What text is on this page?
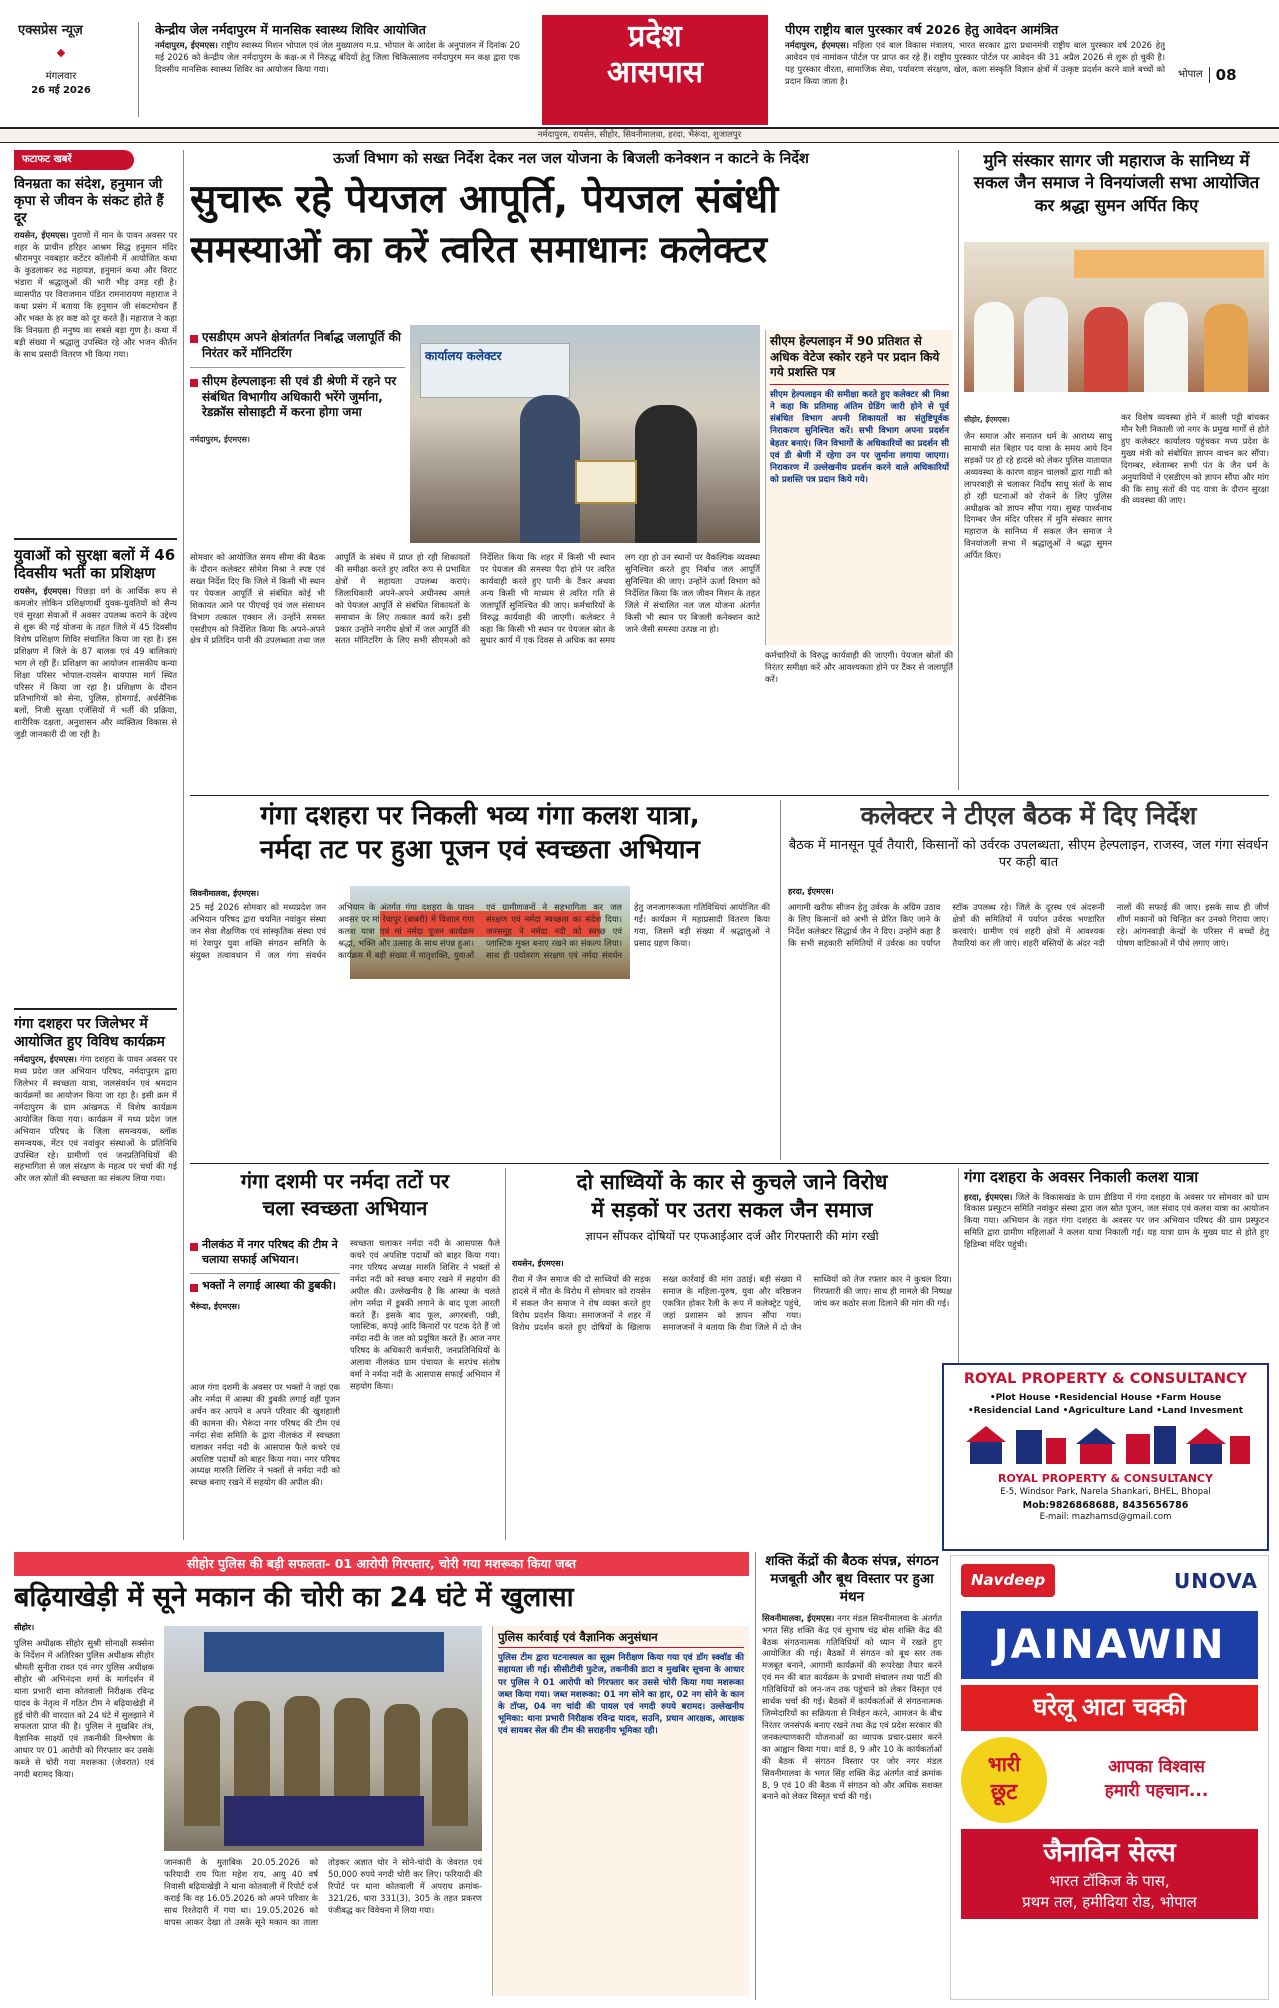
एक्सप्रेस न्यूज़
मंगलवार
26 मई 2026
केन्द्रीय जेल नर्मदापुरम में मानसिक स्वास्थ्य शिविर आयोजित
नर्मदापुरम, ईएमएस। राष्ट्रीय स्वास्थ्य मिशन भोपाल एवं जेल मुख्यालय म.प्र. भोपाल के आदेश के अनुपालन में दिनांक 20 मई 2026 को केन्द्रीय जेल नर्मदापुरम के कक्ष-अ में निरुद्ध बंदियों हेतु जिला चिकित्सालय नर्मदापुरम मन कक्ष द्वारा एक दिवसीय मानसिक स्वास्थ्य शिविर का आयोजन किया गया।
प्रदेश
आसपास
पीएम राष्ट्रीय बाल पुरस्कार वर्ष 2026 हेतु आवेदन आमंत्रित
नर्मदापुरम, ईएमएस। महिला एवं बाल विकास मंत्रालय, भारत सरकार द्वारा प्रधानमंत्री राष्ट्रीय बाल पुरस्कार वर्ष 2026 हेतु आवेदन एवं नामांकन पोर्टल पर प्राप्त कर रहे हैं। राष्ट्रीय पुरस्कार पोर्टल पर आवेदन की 31 अप्रैल 2026 से शुरू हो चुकी है। यह पुरस्कार वीरता, सामाजिक सेवा, पर्यावरण संरक्षण, खेल, कला संस्कृति विज्ञान क्षेत्रों में उत्कृष्ट प्रदर्शन करने वाले बच्चों को प्रदान किया जाता है।
भोपाल 08
नर्मदापुरम, रायसेन, सीहोर, सिवनीमालवा, हरदा, भैरूंदा, शुजालपुर
फटाफट खबरें
विनम्रता का संदेश, हनुमान जी कृपा से जीवन के संकट होते हैं दूर
रायसेन, ईएमएस। पुराणों में मान के पावन अवसर पर शहर के प्राचीन हरिहर आश्रम सिद्ध हनुमान मंदिर श्रीरामपुर नवबहार कटेंटर कॉलोनी में आयोजित कथा के कुडलाकर रुद्र महायज्ञ, हनुमानं कथा और विराट भंडारा में श्रद्धालुओं की भारी भीड़ उमड़ रही है। व्यासपीठ पर विराजमान पंडित रामनारायण महाराज ने कथा प्रसंग में बताया कि हनुमान जी संकटमोचन हैं और भक्त के हर कष्ट को दूर करते हैं। महाराज ने कहा कि विनम्रता ही मनुष्य का सबसे बड़ा गुण है। कथा में बड़ी संख्या में श्रद्धालु उपस्थित रहे और भजन कीर्तन के साथ प्रसादी वितरण भी किया गया।
युवाओं को सुरक्षा बलों में 46 दिवसीय भर्ती का प्रशिक्षण
रायसेन, ईएमएस। पिछड़ा वर्ग के आर्थिक रूप से कमजोर लोकिन प्रशिक्षणार्थी युवक-युवतियों को सैन्य एवं सुरक्षा सेवाओं में अवसर उपलब्ध कराने के उद्देश्य से शुरू की गई योजना के तहत जिले में 45 दिवसीय विशेष प्रशिक्षण शिविर संचालित किया जा रहा है। इस प्रशिक्षण में जिले के 87 बालक एवं 49 बालिकाएं भाग ले रही हैं। प्रशिक्षण का आयोजन शासकीय कन्या शिक्षा परिसर भोपाल-रायसेन बायपास मार्ग स्थित परिसर में किया जा रहा है। प्रशिक्षण के दौरान प्रतिभागियों को सेना, पुलिस, होमगार्ड, अर्धसैनिक बलों, निजी सुरक्षा एजेंसियों में भर्ती की प्रक्रिया, शारीरिक दक्षता, अनुशासन और व्यक्तित्व विकास से जुड़ी जानकारी दी जा रही है।
गंगा दशहरा पर जिलेभर में आयोजित हुए विविध कार्यक्रम
नर्मदापुरम, ईएमएस। गंगा दशहरा के पावन अवसर पर मध्य प्रदेश जल अभियान परिषद, नर्मदापुरम द्वारा जिलेभर में स्वच्छता यात्रा, जलसंवर्धन एवं श्रमदान कार्यक्रमों का आयोजन किया जा रहा है। इसी क्रम में नर्मदापुरम के ग्राम आंखमऊ में विशेष कार्यक्रम आयोजित किया गया। कार्यक्रम में मध्य प्रदेश जल अभियान परिषद के जिला समन्वयक, ब्लॉक समन्वयक, मेंटर एवं नवांकुर संस्थाओं के प्रतिनिधि उपस्थित रहे। ग्रामीणों एवं जनप्रतिनिधियों की सहभागिता से जल संरक्षण के महत्व पर चर्चा की गई और जल स्रोतों की स्वच्छता का संकल्प लिया गया।
ऊर्जा विभाग को सख्त निर्देश देकर नल जल योजना के बिजली कनेक्शन न काटने के निर्देश
सुचारू रहे पेयजल आपूर्ति, पेयजल संबंधी
समस्याओं का करें त्वरित समाधानः कलेक्टर
एसडीएम अपने क्षेत्रांतर्गत निर्बाद्ध जलापूर्ति की निरंतर करें मॉनिटरिंग
सीएम हेल्पलाइनः सी एवं डी श्रेणी में रहने पर संबंधित विभागीय अधिकारी भरेंगे जुर्माना, रेडक्रॉस सोसाइटी में करना होगा जमा
नर्मदापुरम, ईएमएस।
कार्यालय कलेक्टर
सीएम हेल्पलाइन में 90 प्रतिशत से अधिक वेटेज स्कोर रहने पर प्रदान किये गये प्रशस्ति पत्र
सीएम हेल्पलाइन की समीक्षा करते हुए कलेक्टर श्री मिश्रा ने कहा कि प्रतिमाह अंतिम ग्रेडिंग जारी होने से पूर्व संबंधित विभाग अपनी शिकायतों का संतुष्टिपूर्वक निराकरण सुनिश्चित करें। सभी विभाग अपना प्रदर्शन बेहतर बनाएं। जिन विभागों के अधिकारियों का प्रदर्शन सी एवं डी श्रेणी में रहेगा उन पर जुर्माना लगाया जाएगा। निराकरण में उल्लेखनीय प्रदर्शन करने वाले अधिकारियों को प्रशस्ति पत्र प्रदान किये गये।
सोमवार को आयोजित समय सीमा की बैठक के दौरान कलेक्टर सोमेश मिश्रा ने स्पष्ट एवं सख्त निर्देश दिए कि जिले में किसी भी स्थान पर पेयजल आपूर्ति से संबंधित कोई भी शिकायत आने पर पीएचई एवं जल संसाधन विभाग तत्काल एक्शन लें। उन्होंने समस्त एसडीएम को निर्देशित किया कि अपने-अपने क्षेत्र में प्रतिदिन पानी की उपलब्धता तथा जल आपूर्ति के संबंध में प्राप्त हो रही शिकायतों की समीक्षा करते हुए त्वरित रूप से प्रभावित क्षेत्रों में सहायता उपलब्ध कराएं। जिलाधिकारी अपने-अपने अधीनस्थ अमले को पेयजल आपूर्ति से संबंधित शिकायतों के समाधान के लिए तत्काल कार्य करें। इसी प्रकार उन्होंने नगरीय क्षेत्रों में जल आपूर्ति की सतत मॉनिटरिंग के लिए सभी सीएमओ को निर्देशित किया कि शहर में किसी भी स्थान पर पेयजल की समस्या पैदा होने पर त्वरित कार्यवाही करते हुए पानी के टैंकर अथवा अन्य किसी भी माध्यम से त्वरित गति से जलापूर्ति सुनिश्चित की जाए। कर्मचारियों के विरुद्ध कार्यवाही की जाएगी। कलेक्टर ने कहा कि किसी भी स्थान पर पेयजल स्रोत के सुधार कार्य में एक दिवस से अधिक का समय लग रहा हो उन स्थानों पर वैकल्पिक व्यवस्था सुनिश्चित करते हुए निर्बाध जल आपूर्ति सुनिश्चित की जाए। उन्होंने ऊर्जा विभाग को निर्देशित किया कि जल जीवन मिशन के तहत जिले में संचालित नल जल योजना अंतर्गत किसी भी स्थान पर बिजली कनेक्शन काटे जाने जैसी समस्या उत्पन्न ना हो।
कर्मचारियों के विरुद्ध कार्यवाही की जाएगी। पेयजल स्रोतों की निरंतर समीक्षा करें और आवश्यकता होने पर टैंकर से जलापूर्ति करें।
मुनि संस्कार सागर जी महाराज के सानिध्य में सकल जैन समाज ने विनयांजली सभा आयोजित कर श्रद्धा सुमन अर्पित किए
सीहोर, ईएमएस।
जैन समाज और सनातन धर्म के आराध्य साधु सामाधी संत बिहार पद यात्रा के समय आये दिन सड़कों पर हो रहे हादसे को लेकर पुलिस यातायात अव्यवस्था के कारण वाहन चालकों द्वारा गाडी को लापरवाही से चलाकर निर्दोष साधु संतों के साथ हो रही घटनाओं को रोकने के लिए पुलिस अधीक्षक को ज्ञापन सौंपा गया। सुबह पार्श्वनाथ दिगम्बर जैन मंदिर परिसर में मुनि संस्कार सागर महाराज के सानिध्य में सकल जैन समाज ने विनयांजली सभा में श्रद्धालुओं ने श्रद्धा सुमन अर्पित किए।
कर विशेष व्यवस्था होने में काली पट्टी बांधकर मौन रैली निकाली जो नगर के प्रमुख मार्गों से होते हुए कलेक्टर कार्यालय पहुंचकर मध्य प्रदेश के मुख्य मंत्री को संबोधित ज्ञापन वाचन कर सौंपा। दिगम्बर, श्वेताम्बर सभी पंत के जैन धर्म के अनुयायियों ने एसडीएम को ज्ञापन सौंपा और मांग की कि साधु संतों की पद यात्रा के दौरान सुरक्षा की व्यवस्था की जाए।
गंगा दशहरा पर निकली भव्य गंगा कलश यात्रा,
नर्मदा तट पर हुआ पूजन एवं स्वच्छता अभियान
सिवनीमालवा, ईएमएस।
25 मई 2026 सोमवार को मध्यप्रदेश जन अभियान परिषद द्वारा चयनित नवांकुर संस्था जन सेवा शैक्षणिक एवं सांस्कृतिक संस्था एवं मां रेवापुर युवा शक्ति संगठन समिति के संयुक्त तत्वावधान में जल गंगा संवर्धन अभियान के अंतर्गत गंगा दशहरा के पावन अवसर पर मां रेवापुर (बाबरी) में विशाल गंगा कलश यात्रा एवं मां नर्मदा पूजन कार्यक्रम श्रद्धा, भक्ति और उत्साह के साथ संपन्न हुआ। कार्यक्रम में बड़ी संख्या में मातृशक्ति, युवाओं एवं ग्रामीणजनों ने सहभागिता कर जल संरक्षण एवं नर्मदा स्वच्छता का संदेश दिया। जनसमूह ने नर्मदा नदी को स्वच्छ एवं प्लास्टिक मुक्त बनाए रखने का संकल्प लिया। साथ ही पर्यावरण संरक्षण एवं नर्मदा संवर्धन हेतु जनजागरूकता गतिविधियां आयोजित की गईं। कार्यक्रम में महाप्रसादी वितरण किया गया, जिसमें बड़ी संख्या में श्रद्धालुओं ने प्रसाद ग्रहण किया।
कलेक्टर ने टीएल बैठक में दिए निर्देश
बैठक में मानसून पूर्व तैयारी, किसानों को उर्वरक उपलब्धता, सीएम हेल्पलाइन, राजस्व, जल गंगा संवर्धन पर कही बात
हरदा, ईएमएस।
आगामी खरीफ सीजन हेतु उर्वरक के अग्रिम उठाव के लिए किसानों को अभी से प्रेरित किए जाने के निर्देश कलेक्टर सिद्धार्थ जैन ने दिए। उन्होंने कहा है कि सभी सहकारी समितियों में उर्वरक का पर्याप्त स्टॉक उपलब्ध रहे। जिले के दूरस्थ एवं अंदरूनी क्षेत्रों की समितियों में पर्याप्त उर्वरक भण्डारित करवाएं। ग्रामीण एवं शहरी क्षेत्रों में आवश्यक तैयारियां कर ली जाएं। शहरी बस्तियों के अंदर नदी नालों की सफाई की जाए। इसके साथ ही जीर्ण शीर्ण मकानों को चिन्हित कर उनको गिराया जाए। रहे। आंगनवाड़ी केन्द्रों के परिसर में बच्चों हेतु पोषण वाटिकाओं में पौधे लगाए जाएं।
गंगा दशमी पर नर्मदा तटों पर
चला स्वच्छता अभियान
नीलकंठ में नगर परिषद की टीम ने चलाया सफाई अभियान।
भक्तों ने लगाई आस्था की डुबकी।
भैरूंदा, ईएमएस।
आज गंगा दशमी के अवसर पर भक्तों ने जहां एक और नर्मदा में आस्था की डुबकी लगाई वहीं पूजन अर्चन कर आपने व अपने परिवार की खुशहाली की कामना की। भैरूंदा नगर परिषद की टीम एवं नर्मदा सेवा समिति के द्वारा नीलकंठ में स्वच्छता चलाकर नर्मदा नदी के आसपास फैले कचरे एवं अपशिष्ट पदार्थों को बाहर किया गया। नगर परिषद अध्यक्ष मारुति शिशिर ने भक्तों से नर्मदा नदी को स्वच्छ बनाए रखने में सहयोग की अपील की।
स्वच्छता चलाकर नर्मदा नदी के आसपास फैले कचरे एवं अपशिष्ट पदार्थों को बाहर किया गया। नगर परिषद अध्यक्ष मारुति शिशिर ने भक्तों से नर्मदा नदी को स्वच्छ बनाए रखने में सहयोग की अपील की। उल्लेखनीय है कि आस्था के चलते लोग नर्मदा में डुबकी लगाने के बाद पूजा आरती करते हैं। इसके बाद फूल, अगरबत्ती, पन्नी, प्लास्टिक, कपड़े आदि किनारों पर पटक देते हैं जो नर्मदा नदी के जल को प्रदूषित करते हैं। आज नगर परिषद के अधिकारी कर्मचारी, जनप्रतिनिधियों के अलावा नीलकंठ ग्राम पंचायत के सरपंच संतोष वर्मा ने नर्मदा नदी के आसपास सफाई अभियान में सहयोग किया।
दो साध्वियों के कार से कुचले जाने विरोध
में सड़कों पर उतरा सकल जैन समाज
ज्ञापन सौंपकर दोषियों पर एफआईआर दर्ज और गिरफ्तारी की मांग रखी
रायसेन, ईएमएस।
रीवा में जैन समाज की दो साध्वियों की सड़क हादसे में मौत के विरोध में सोमवार को रायसेन में सकल जैन समाज ने रोष व्यक्त करते हुए विरोध प्रदर्शन किया। समाजजनों ने शहर में विरोध प्रदर्शन करते हुए दोषियों के खिलाफ सख्त कार्रवाई की मांग उठाई। बड़ी संख्या में समाज के महिला-पुरुष, युवा और वरिष्ठजन एकत्रित होकर रैली के रूप में कलेक्ट्रेट पहुंचे, जहां प्रशासन को ज्ञापन सौंपा गया। समाजजनों ने बताया कि रीवा जिले में दो जैन साध्वियों को तेज रफ्तार कार ने कुचल दिया। गिरफ्तारी की जाए। साथ ही मामले की निष्पक्ष जांच कर कठोर सजा दिलाने की मांग की गई।
गंगा दशहरा के अवसर निकाली कलश यात्रा
हरदा, ईएमएस। जिले के विकासखंड के ग्राम डीडिया में गंगा दशहरा के अवसर पर सोमवार को ग्राम विकास प्रस्फुटन समिति नवांकुर संस्था द्वारा जल स्रोत पूजन, जल संवाद एवं कलश यात्रा का आयोजन किया गया। अभियान के तहत गंगा दशहरा के अवसर पर जन अभियान परिषद की ग्राम प्रस्फुटन समिति द्वारा ग्रामीण महिलाओं ने कलश यात्रा निकाली गई। यह यात्रा ग्राम के मुख्य घाट से होते हुए हिडिम्बा मंदिर पहुंची।
ROYAL PROPERTY & CONSULTANCY
•Plot House •Residencial House •Farm House
•Residencial Land •Agriculture Land •Land Invesment
ROYAL PROPERTY & CONSULTANCY
E-5, Windsor Park, Narela Shankari, BHEL, Bhopal
Mob:9826868688, 8435656786
E-mail: mazhamsd@gmail.com
सीहोर पुलिस की बड़ी सफलता- 01 आरोपी गिरफ्तार, चोरी गया मशरूका किया जब्त
बढ़ियाखेड़ी में सूने मकान की चोरी का 24 घंटे में खुलासा
सीहोर।
पुलिस अधीक्षक सीहोर सुश्री सोनाक्षी सक्सेना के निर्देशन में अतिरिक्त पुलिस अधीक्षक सीहोर श्रीमती सुनीता रावत एवं नगर पुलिस अधीक्षक सीहोर श्री अभिनंदना शर्मा के मार्गदर्शन में थाना प्रभारी थाना कोतवाली निरीक्षक रविन्द्र यादव के नेतृत्व में गठित टीम ने बढ़ियाखेड़ी में हुई चोरी की वारदात को 24 घंटे में सुलझाने में सफलता प्राप्त की है। पुलिस ने मुखबिर तंत्र, वैज्ञानिक साक्ष्यों एवं तकनीकी विश्लेषण के आधार पर 01 आरोपी को गिरफ्तार कर उसके कब्जे से चोरी गया मशरूका (जेवरात) एवं नगदी बरामद किया।
जानकारी के मुताबिक 20.05.2026 को फरियादी राय पिता महेश राय, आयु 40 वर्ष निवासी बढ़ियाखेड़ी ने थाना कोतवाली में रिपोर्ट दर्ज कराई कि वह 16.05.2026 को अपने परिवार के साथ रिश्तेदारी में गया था। 19.05.2026 को वापस आकर देखा तो उसके सूने मकान का ताला तोड़कर अज्ञात चोर ने सोने-चांदी के जेवरात एवं 50,000 रुपये नगदी चोरी कर लिए। फरियादी की रिपोर्ट पर थाना कोतवाली में अपराध क्रमांक- 321/26, धारा 331(3), 305 के तहत प्रकरण पंजीबद्ध कर विवेचना में लिया गया।
पुलिस कार्रवाई एवं वैज्ञानिक अनुसंधान
पुलिस टीम द्वारा घटनास्थल का सूक्ष्म निरीक्षण किया गया एवं डॉग स्क्वॉड की सहायता ली गई। सीसीटीवी फुटेज, तकनीकी डाटा व मुखबिर सूचना के आधार पर पुलिस ने 01 आरोपी को गिरफ्तार कर उससे चोरी किया गया मशरूका जब्त किया गया। जब्त मशरूका: 01 नग सोने का हार, 02 नग सोने के कान के टॉप्स, 04 नग चांदी की पायल एवं नगदी रुपये बरामद। उल्लेखनीय भूमिका: थाना प्रभारी निरीक्षक रविन्द्र यादव, सउनि, प्रधान आरक्षक, आरक्षक एवं सायबर सेल की टीम की सराहनीय भूमिका रही।
शक्ति केंद्रों की बैठक संपन्न, संगठन मजबूती और बूथ विस्तार पर हुआ मंथन
सिवनीमालवा, ईएमएस। नगर मंडल सिवनीमालवा के अंतर्गत भगत सिंह शक्ति केंद्र एवं सुभाष चंद्र बोस शक्ति केंद्र की बैठक संगठनात्मक गतिविधियों को ध्यान में रखते हुए आयोजित की गई। बैठकों में संगठन को बूथ स्तर तक मजबूत बनाने, आगामी कार्यक्रमों की रूपरेखा तैयार करने एवं मन की बात कार्यक्रम के प्रभावी संचालन तथा पार्टी की गतिविधियों को जन-जन तक पहुंचाने को लेकर विस्तृत एवं सार्थक चर्चा की गई। बैठकों में कार्यकर्ताओं से संगठनात्मक जिम्मेदारियों का सक्रियता से निर्वहन करने, आमजन के बीच निरंतर जनसंपर्क बनाए रखने तथा केंद्र एवं प्रदेश सरकार की जनकल्याणकारी योजनाओं का व्यापक प्रचार-प्रसार करने का आह्वान किया गया। वार्ड 8, 9 और 10 के कार्यकर्ताओं की बैठक में संगठन विस्तार पर जोर नगर मंडल सिवनीमालवा के भगत सिंह शक्ति केंद्र अंतर्गत वार्ड क्रमांक 8, 9 एवं 10 की बैठक में संगठन को और अधिक सशक्त बनाने को लेकर विस्तृत चर्चा की गई।
Navdeep	UNOVA
JAINAWIN
घरेलू आटा चक्की
भारी
छूट
आपका विश्वास
हमारी पहचान...
जैनाविन सेल्स
भारत टॉकिज के पास,
प्रथम तल, हमीदिया रोड, भोपाल
